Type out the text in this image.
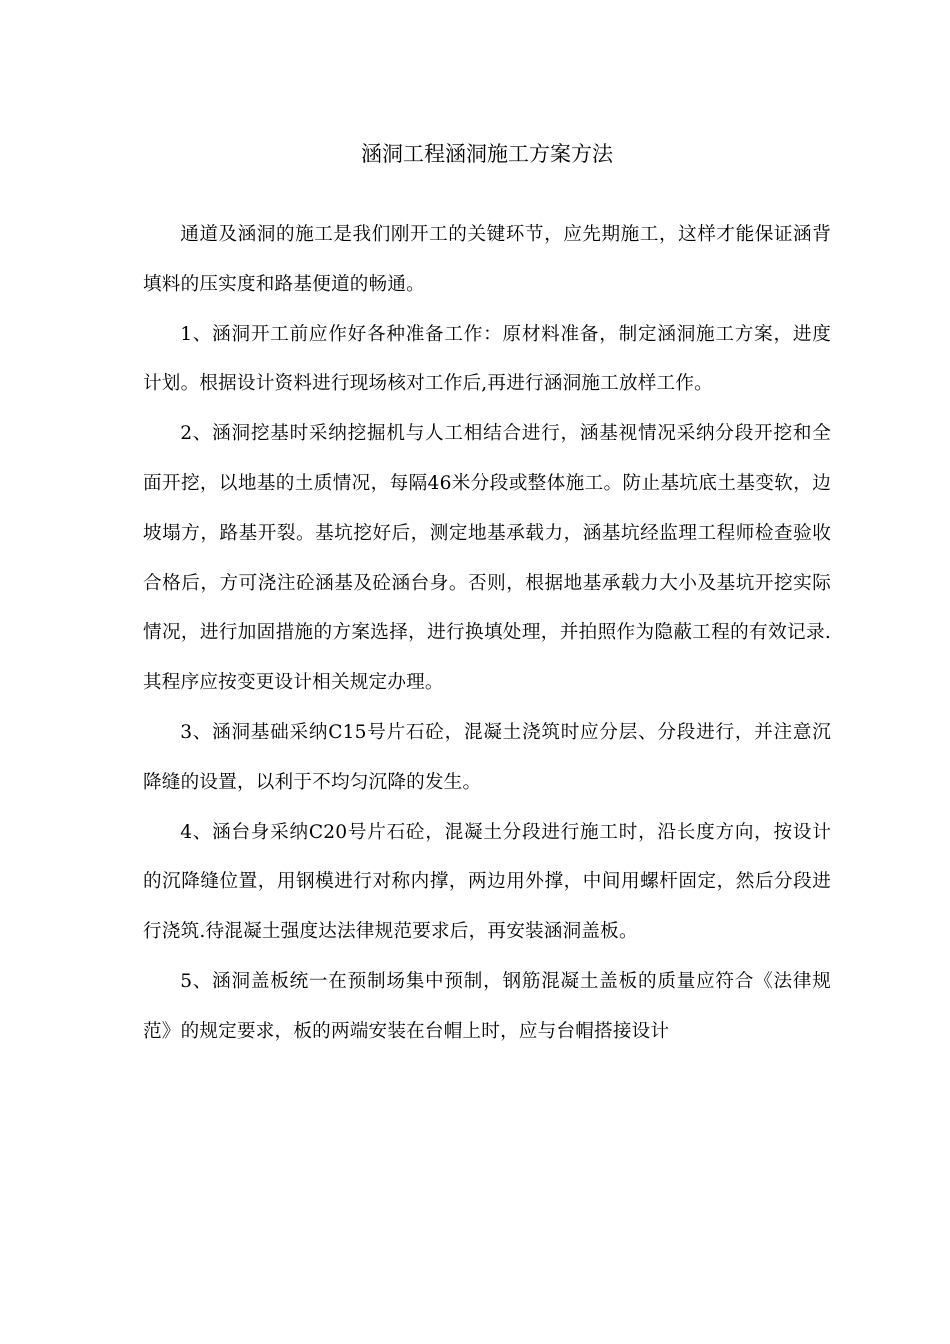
涵洞工程涵洞施工方案方法

通道及涵洞的施工是我们刚开工的关键环节，应先期施工，这样才能保证涵背填料的压实度和路基便道的畅通。

1、涵洞开工前应作好各种准备工作：原材料准备，制定涵洞施工方案，进度计划。根据设计资料进行现场核对工作后,再进行涵洞施工放样工作。

2、涵洞挖基时采纳挖掘机与人工相结合进行，涵基视情况采纳分段开挖和全面开挖，以地基的土质情况，每隔46米分段或整体施工。防止基坑底土基变软，边坡塌方，路基开裂。基坑挖好后，测定地基承载力，涵基坑经监理工程师检查验收合格后，方可浇注砼涵基及砼涵台身。否则，根据地基承载力大小及基坑开挖实际情况，进行加固措施的方案选择，进行换填处理，并拍照作为隐蔽工程的有效记录.其程序应按变更设计相关规定办理。

3、涵洞基础采纳C15号片石砼，混凝土浇筑时应分层、分段进行，并注意沉降缝的设置，以利于不均匀沉降的发生。

4、涵台身采纳C20号片石砼，混凝土分段进行施工时，沿长度方向，按设计的沉降缝位置，用钢模进行对称内撑，两边用外撑，中间用螺杆固定，然后分段进行浇筑.待混凝土强度达法律规范要求后，再安装涵洞盖板。

5、涵洞盖板统一在预制场集中预制，钢筋混凝土盖板的质量应符合《法律规范》的规定要求，板的两端安装在台帽上时，应与台帽搭接设计
